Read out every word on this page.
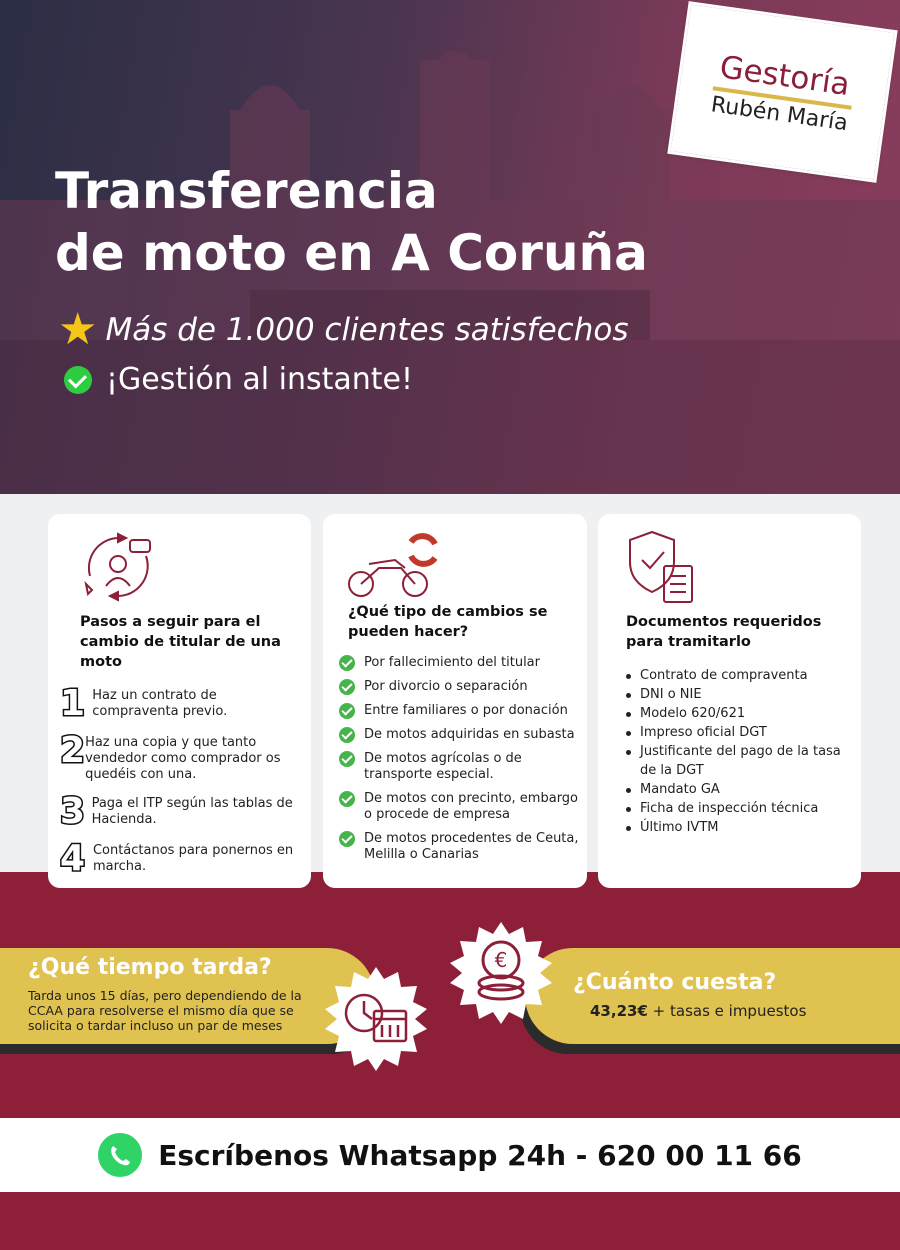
Transferencia
de moto en A Coruña
★ Más de 1.000 clientes satisfechos
¡Gestión al instante!
Gestoría
Rubén María
Pasos a seguir para el cambio de titular de una moto
1 Haz un contrato de compraventa previo.
2 Haz una copia y que tanto vendedor como comprador os quedéis con una.
3 Paga el ITP según las tablas de Hacienda.
4 Contáctanos para ponernos en marcha.
¿Qué tipo de cambios se pueden hacer?
Por fallecimiento del titular
Por divorcio o separación
Entre familiares o por donación
De motos adquiridas en subasta
De motos agrícolas o de transporte especial.
De motos con precinto, embargo o procede de empresa
De motos procedentes de Ceuta, Melilla o Canarias
Documentos requeridos para tramitarlo
Contrato de compraventa
DNI o NIE
Modelo 620/621
Impreso oficial DGT
Justificante del pago de la tasa de la DGT
Mandato GA
Ficha de inspección técnica
Último IVTM
¿Qué tiempo tarda?
Tarda unos 15 días, pero dependiendo de la CCAA para resolverse el mismo día que se solicita o tardar incluso un par de meses
¿Cuánto cuesta?
43,23€ + tasas e impuestos
€
Escríbenos Whatsapp 24h - 620 00 11 66
